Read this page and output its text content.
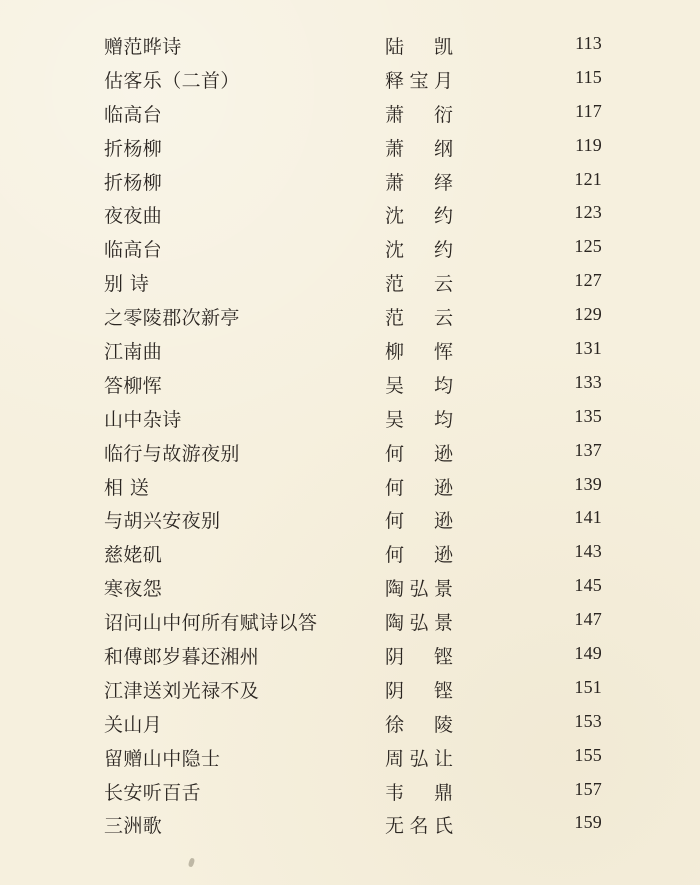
赠范晔诗	陆凯	113
估客乐（二首）	释宝月	115
临高台	萧衍	117
折杨柳	萧纲	119
折杨柳	萧绎	121
夜夜曲	沈约	123
临高台	沈约	125
别 诗	范云	127
之零陵郡次新亭	范云	129
江南曲	柳恽	131
答柳恽	吴均	133
山中杂诗	吴均	135
临行与故游夜别	何逊	137
相 送	何逊	139
与胡兴安夜别	何逊	141
慈姥矶	何逊	143
寒夜怨	陶弘景	145
诏问山中何所有赋诗以答	陶弘景	147
和傅郎岁暮还湘州	阴铿	149
江津送刘光禄不及	阴铿	151
关山月	徐陵	153
留赠山中隐士	周弘让	155
长安听百舌	韦鼎	157
三洲歌	无名氏	159
